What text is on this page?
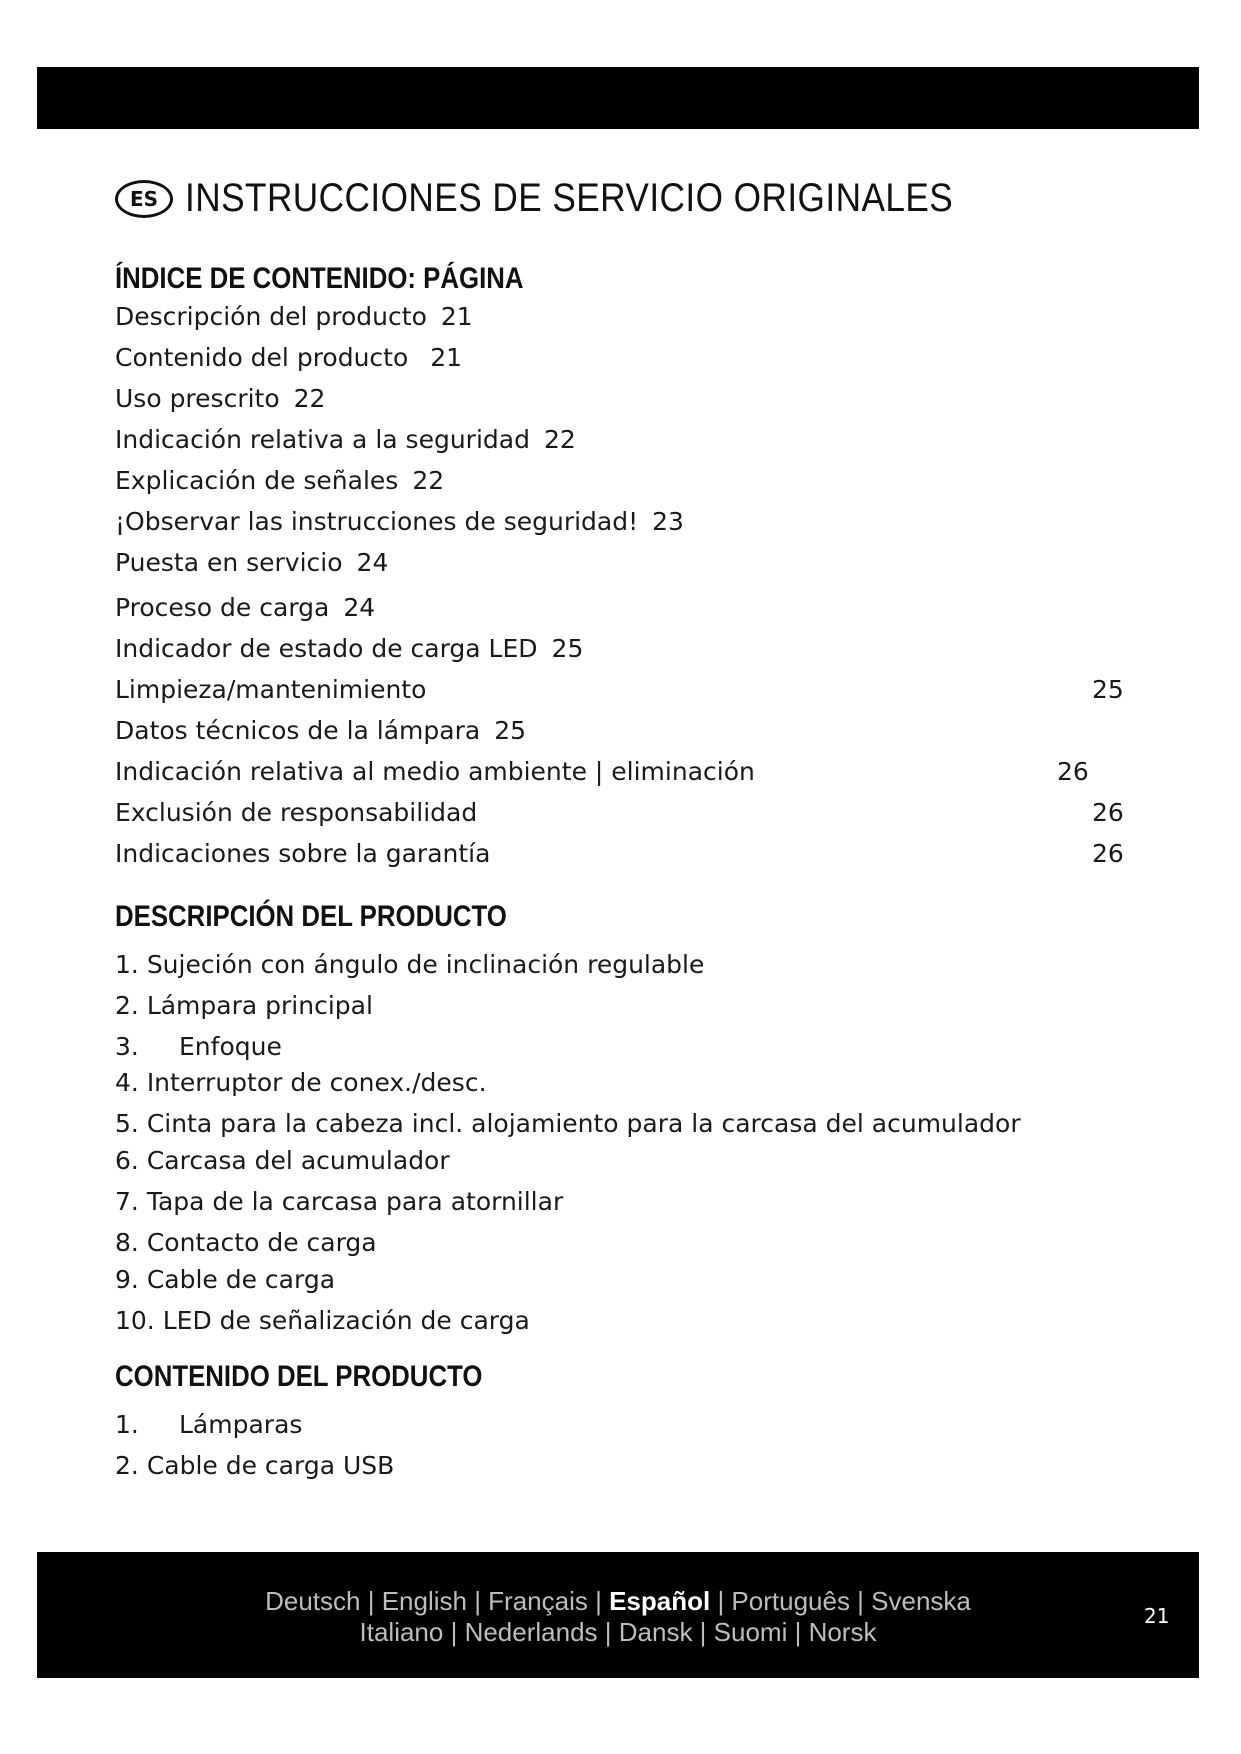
ES INSTRUCCIONES DE SERVICIO ORIGINALES
ÍNDICE DE CONTENIDO: PÁGINA
Descripción del producto 21
Contenido del producto 21
Uso prescrito 22
Indicación relativa a la seguridad 22
Explicación de señales 22
¡Observar las instrucciones de seguridad! 23
Puesta en servicio 24
Proceso de carga 24
Indicador de estado de carga LED 25
Limpieza/mantenimiento	25
Datos técnicos de la lámpara 25
Indicación relativa al medio ambiente | eliminación	26
Exclusión de responsabilidad	26
Indicaciones sobre la garantía	26
DESCRIPCIÓN DEL PRODUCTO
1. Sujeción con ángulo de inclinación regulable
2. Lámpara principal
3. Enfoque
4. Interruptor de conex./desc.
5. Cinta para la cabeza incl. alojamiento para la carcasa del acumulador
6. Carcasa del acumulador
7. Tapa de la carcasa para atornillar
8. Contacto de carga
9. Cable de carga
10. LED de señalización de carga
CONTENIDO DEL PRODUCTO
1. Lámparas
2. Cable de carga USB
Deutsch | English | Français | Español | Português | Svenska
Italiano | Nederlands | Dansk | Suomi | Norsk
21
